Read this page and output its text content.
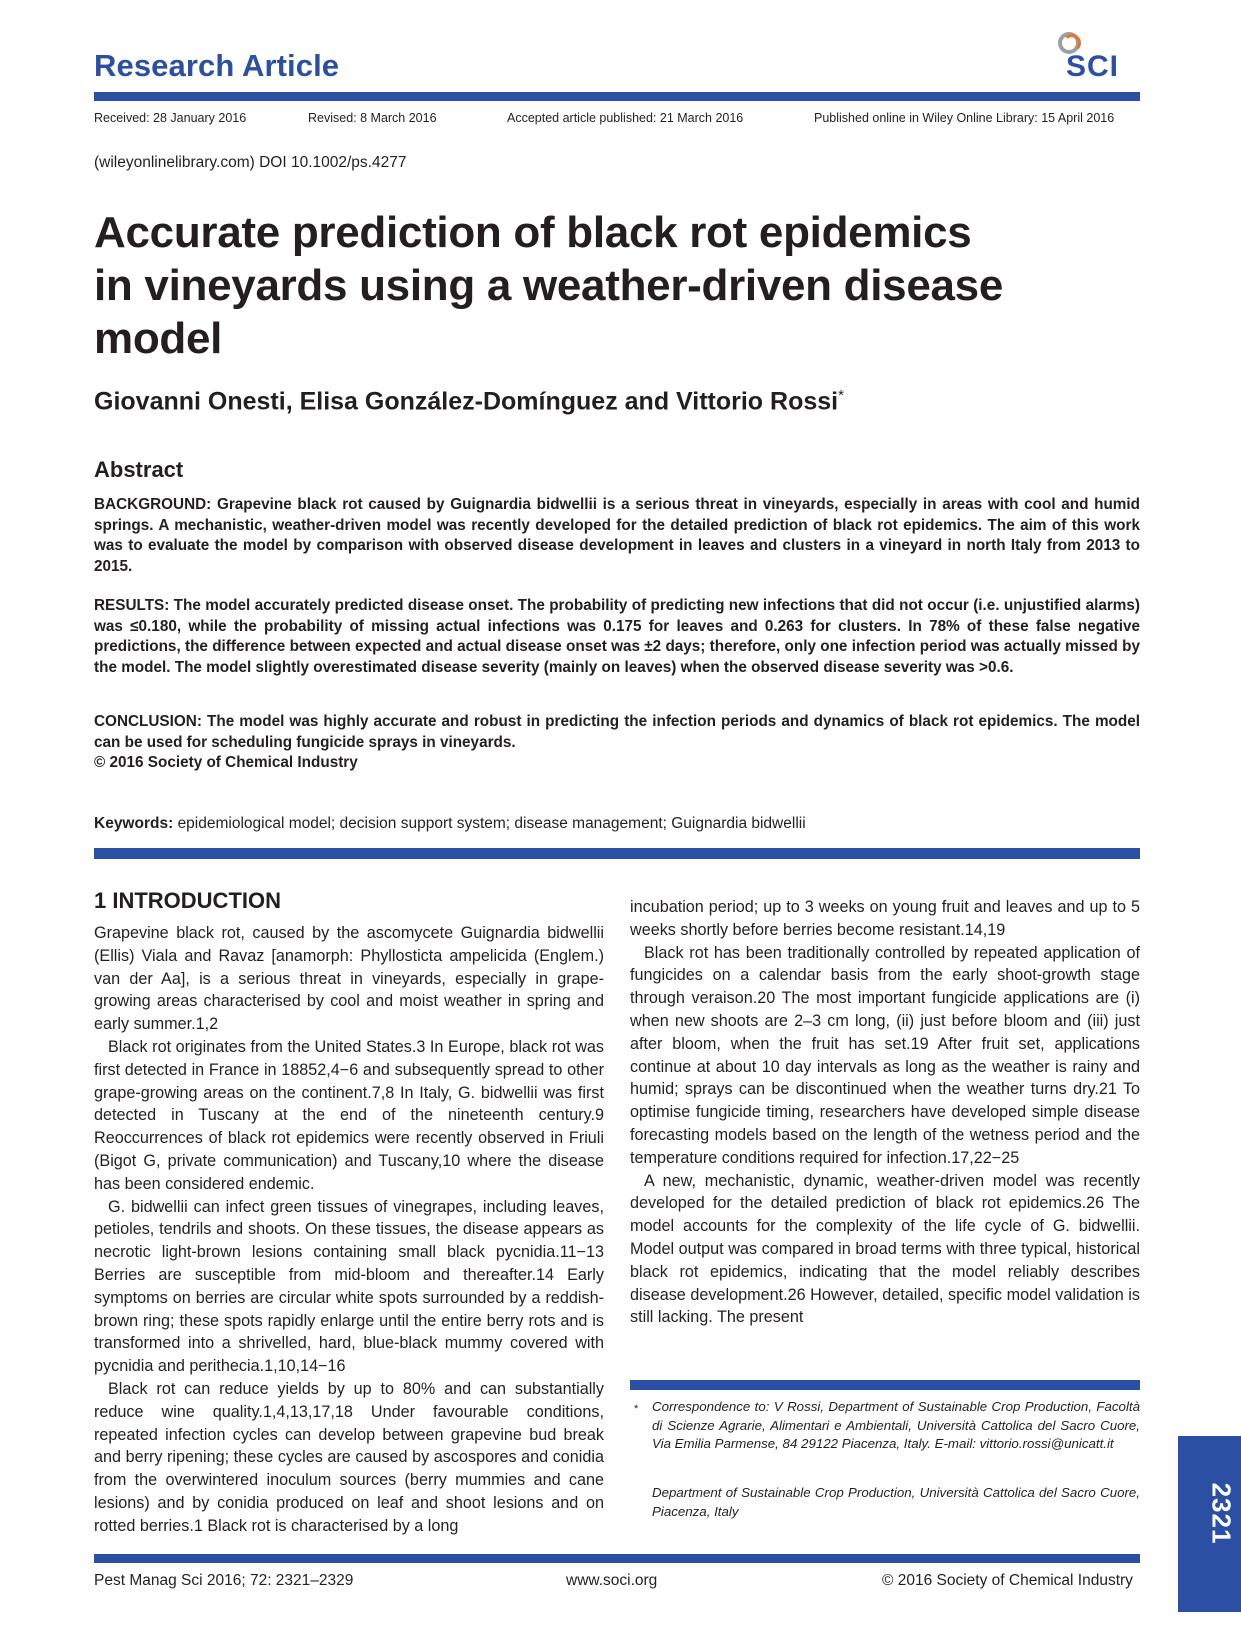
Research Article	SCI
Received: 28 January 2016	Revised: 8 March 2016	Accepted article published: 21 March 2016	Published online in Wiley Online Library: 15 April 2016
(wileyonlinelibrary.com) DOI 10.1002/ps.4277
Accurate prediction of black rot epidemics
in vineyards using a weather-driven disease
model
Giovanni Onesti, Elisa González-Domínguez and Vittorio Rossi*
Abstract
BACKGROUND: Grapevine black rot caused by Guignardia bidwellii is a serious threat in vineyards, especially in areas with cool and humid springs. A mechanistic, weather-driven model was recently developed for the detailed prediction of black rot epidemics. The aim of this work was to evaluate the model by comparison with observed disease development in leaves and clusters in a vineyard in north Italy from 2013 to 2015.
RESULTS: The model accurately predicted disease onset. The probability of predicting new infections that did not occur (i.e. unjustified alarms) was ≤0.180, while the probability of missing actual infections was 0.175 for leaves and 0.263 for clusters. In 78% of these false negative predictions, the difference between expected and actual disease onset was ±2 days; therefore, only one infection period was actually missed by the model. The model slightly overestimated disease severity (mainly on leaves) when the observed disease severity was >0.6.
CONCLUSION: The model was highly accurate and robust in predicting the infection periods and dynamics of black rot epidemics. The model can be used for scheduling fungicide sprays in vineyards.
© 2016 Society of Chemical Industry
Keywords: epidemiological model; decision support system; disease management; Guignardia bidwellii
1 INTRODUCTION

Grapevine black rot, caused by the ascomycete Guignardia bidwellii (Ellis) Viala and Ravaz [anamorph: Phyllosticta ampelicida (Englem.) van der Aa], is a serious threat in vineyards, especially in grape-growing areas characterised by cool and moist weather in spring and early summer.1,2

Black rot originates from the United States.3 In Europe, black rot was first detected in France in 18852,4−6 and subsequently spread to other grape-growing areas on the continent.7,8 In Italy, G. bidwellii was first detected in Tuscany at the end of the nineteenth century.9 Reoccurrences of black rot epidemics were recently observed in Friuli (Bigot G, private communication) and Tuscany,10 where the disease has been considered endemic.

G. bidwellii can infect green tissues of vinegrapes, including leaves, petioles, tendrils and shoots. On these tissues, the disease appears as necrotic light-brown lesions containing small black pycnidia.11−13 Berries are susceptible from mid-bloom and thereafter.14 Early symptoms on berries are circular white spots surrounded by a reddish-brown ring; these spots rapidly enlarge until the entire berry rots and is transformed into a shrivelled, hard, blue-black mummy covered with pycnidia and perithecia.1,10,14−16

Black rot can reduce yields by up to 80% and can substantially reduce wine quality.1,4,13,17,18 Under favourable conditions, repeated infection cycles can develop between grapevine bud break and berry ripening; these cycles are caused by ascospores and conidia from the overwintered inoculum sources (berry mummies and cane lesions) and by conidia produced on leaf and shoot lesions and on rotted berries.1 Black rot is characterised by a long

incubation period; up to 3 weeks on young fruit and leaves and up to 5 weeks shortly before berries become resistant.14,19

Black rot has been traditionally controlled by repeated application of fungicides on a calendar basis from the early shoot-growth stage through veraison.20 The most important fungicide applications are (i) when new shoots are 2–3 cm long, (ii) just before bloom and (iii) just after bloom, when the fruit has set.19 After fruit set, applications continue at about 10 day intervals as long as the weather is rainy and humid; sprays can be discontinued when the weather turns dry.21 To optimise fungicide timing, researchers have developed simple disease forecasting models based on the length of the wetness period and the temperature conditions required for infection.17,22−25

A new, mechanistic, dynamic, weather-driven model was recently developed for the detailed prediction of black rot epidemics.26 The model accounts for the complexity of the life cycle of G. bidwellii. Model output was compared in broad terms with three typical, historical black rot epidemics, indicating that the model reliably describes disease development.26 However, detailed, specific model validation is still lacking. The present

* Correspondence to: V Rossi, Department of Sustainable Crop Production, Facoltà di Scienze Agrarie, Alimentari e Ambientali, Università Cattolica del Sacro Cuore, Via Emilia Parmense, 84 29122 Piacenza, Italy. E-mail: vittorio.rossi@unicatt.it
Department of Sustainable Crop Production, Università Cattolica del Sacro Cuore, Piacenza, Italy
Pest Manag Sci 2016; 72: 2321–2329	www.soci.org	© 2016 Society of Chemical Industry
2321
